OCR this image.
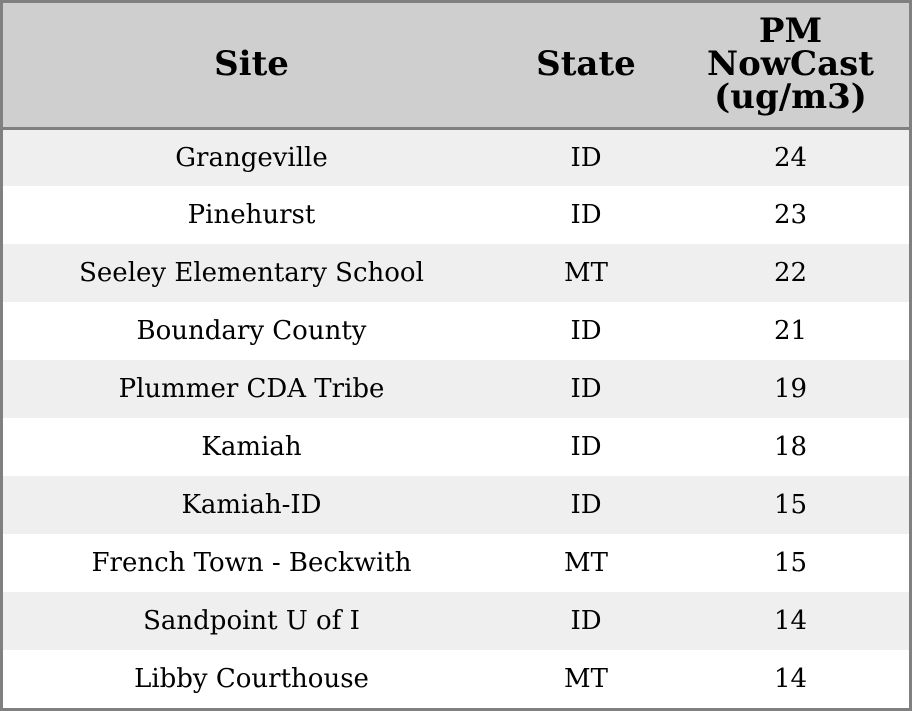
Site	State	PM
NowCast
(ug/m3)

Grangeville	ID	24
Pinehurst	ID	23
Seeley Elementary School	MT	22
Boundary County	ID	21
Plummer CDA Tribe	ID	19
Kamiah	ID	18
Kamiah-ID	ID	15
French Town - Beckwith	MT	15
Sandpoint U of I	ID	14
Libby Courthouse	MT	14
